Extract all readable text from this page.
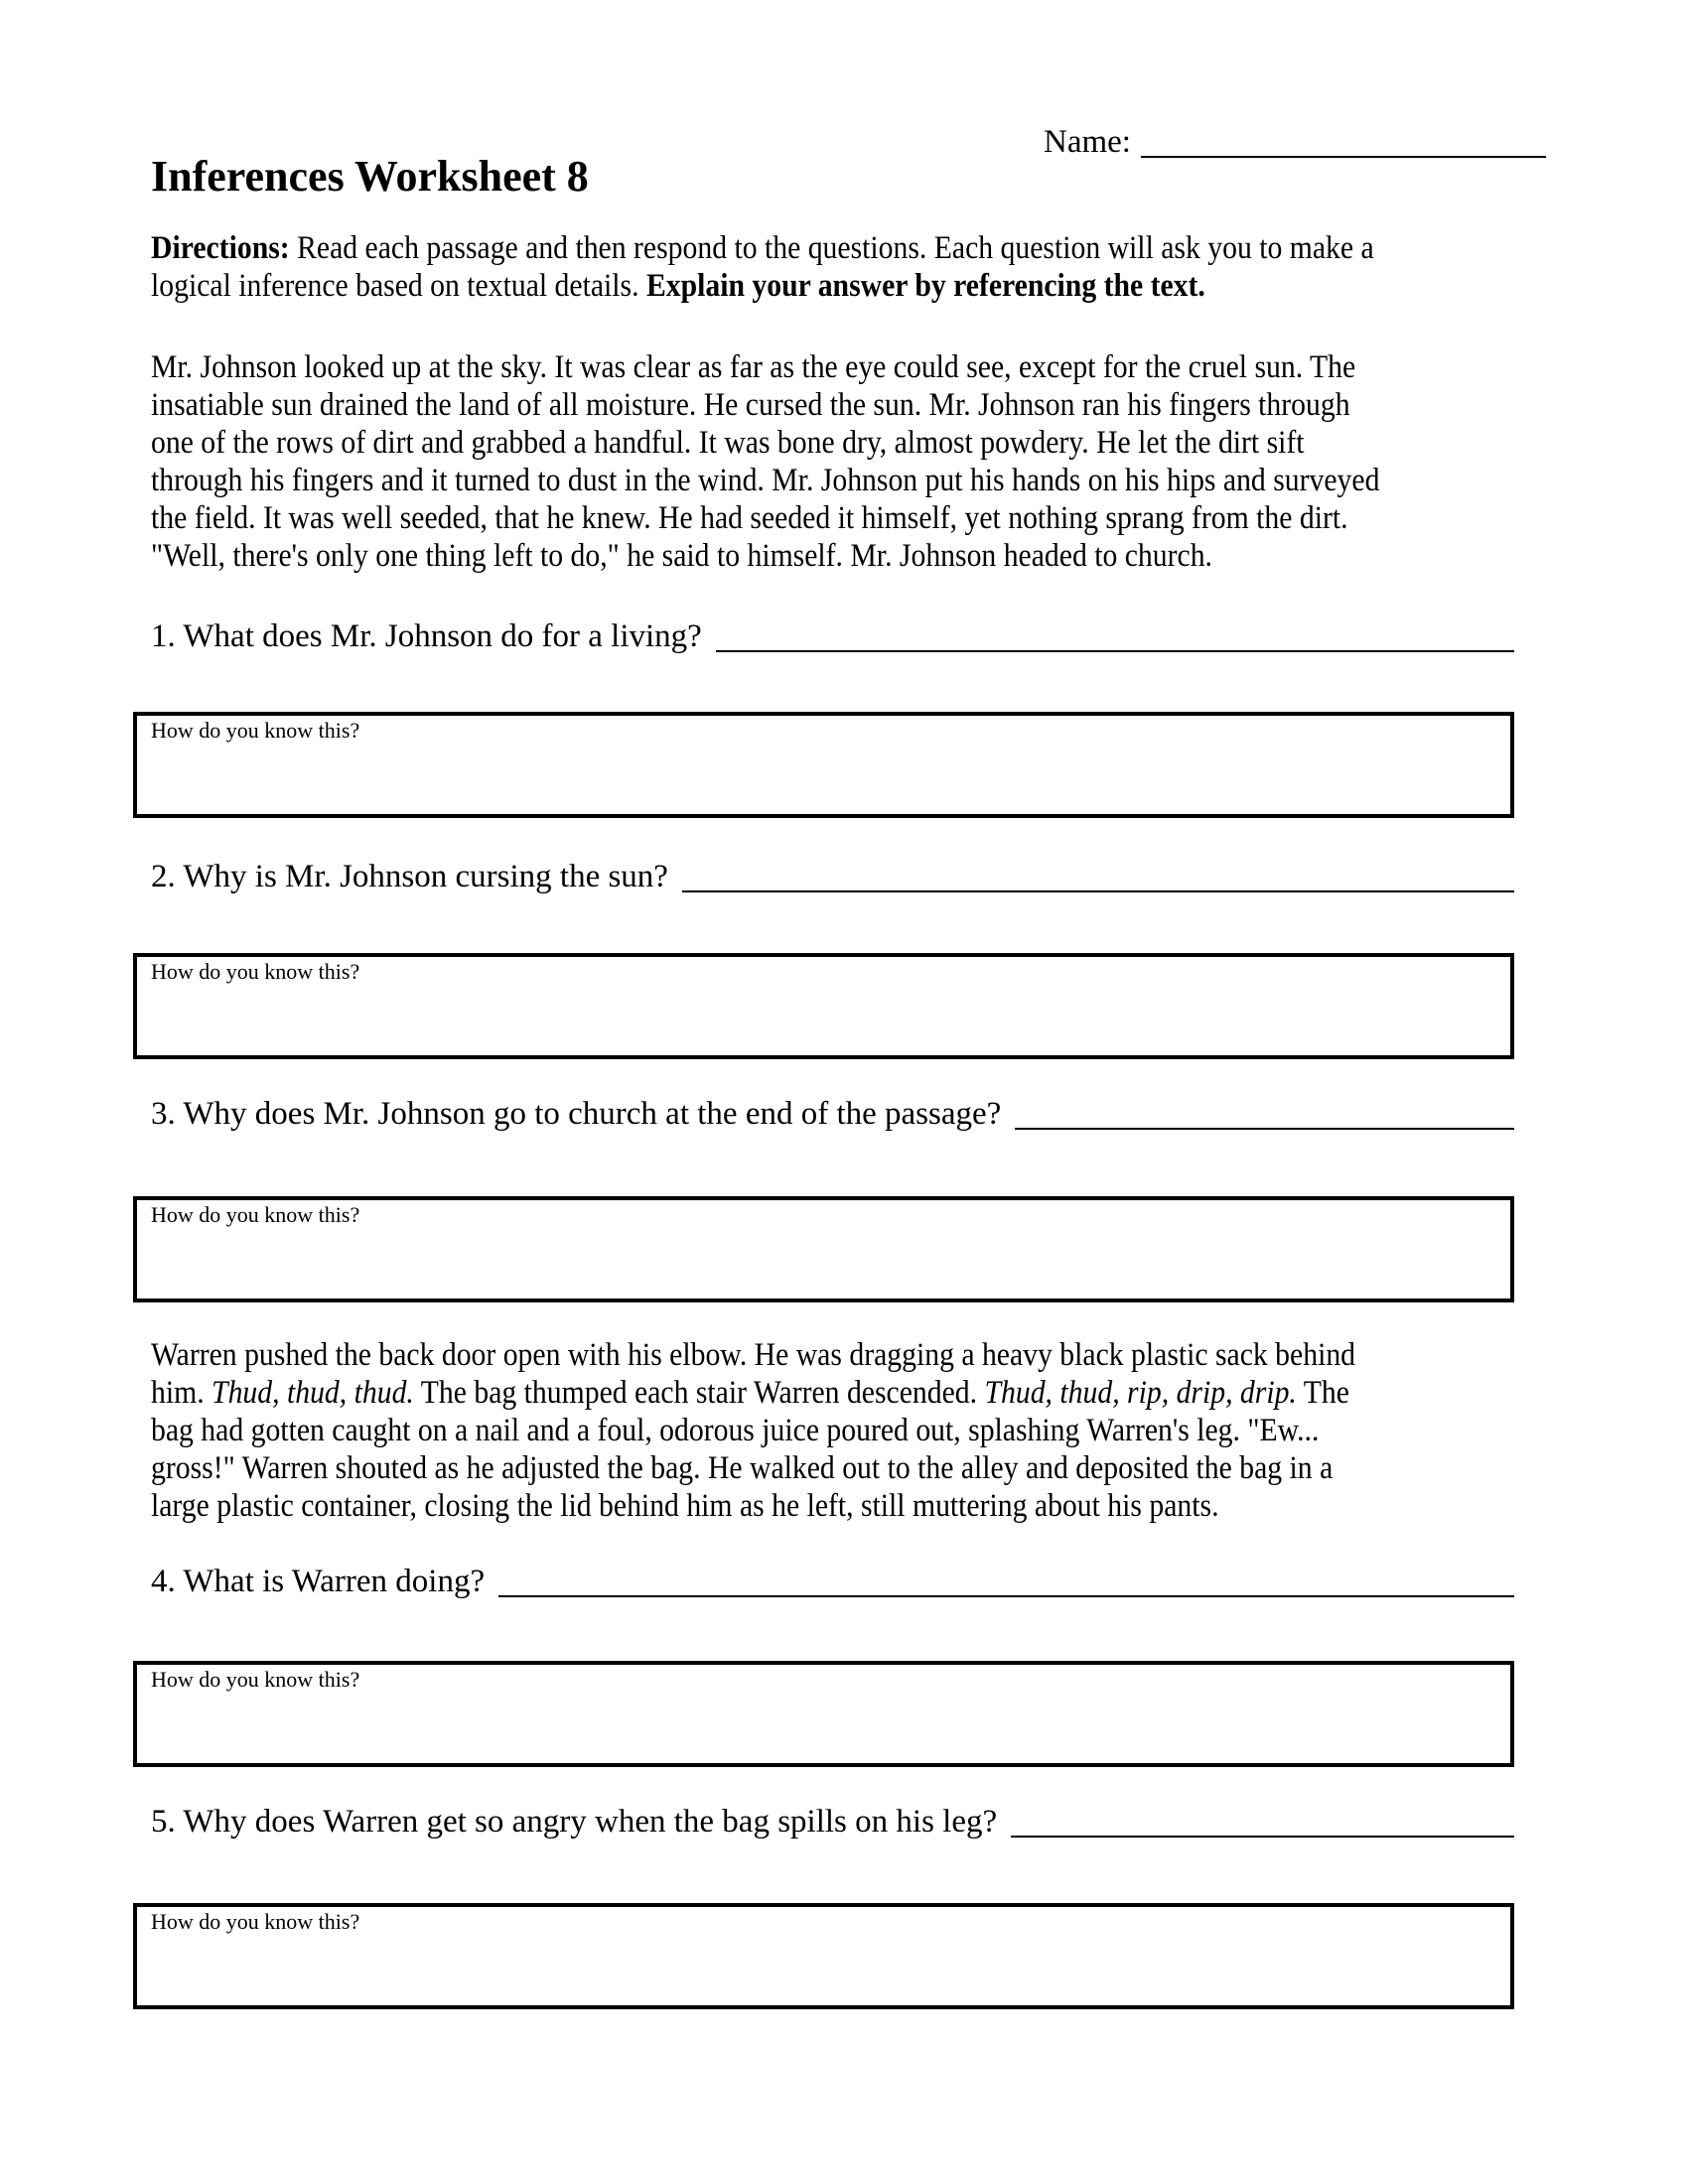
Name:
Inferences Worksheet 8
Directions: Read each passage and then respond to the questions. Each question will ask you to make a
logical inference based on textual details. Explain your answer by referencing the text.
Mr. Johnson looked up at the sky. It was clear as far as the eye could see, except for the cruel sun. The
insatiable sun drained the land of all moisture. He cursed the sun. Mr. Johnson ran his fingers through
one of the rows of dirt and grabbed a handful. It was bone dry, almost powdery. He let the dirt sift
through his fingers and it turned to dust in the wind. Mr. Johnson put his hands on his hips and surveyed
the field. It was well seeded, that he knew. He had seeded it himself, yet nothing sprang from the dirt.
"Well, there's only one thing left to do," he said to himself. Mr. Johnson headed to church.
1. What does Mr. Johnson do for a living?
How do you know this?
2. Why is Mr. Johnson cursing the sun?
How do you know this?
3. Why does Mr. Johnson go to church at the end of the passage?
How do you know this?
Warren pushed the back door open with his elbow. He was dragging a heavy black plastic sack behind
him. Thud, thud, thud. The bag thumped each stair Warren descended. Thud, thud, rip, drip, drip. The
bag had gotten caught on a nail and a foul, odorous juice poured out, splashing Warren's leg. "Ew...
gross!" Warren shouted as he adjusted the bag. He walked out to the alley and deposited the bag in a
large plastic container, closing the lid behind him as he left, still muttering about his pants.
4. What is Warren doing?
How do you know this?
5. Why does Warren get so angry when the bag spills on his leg?
How do you know this?
